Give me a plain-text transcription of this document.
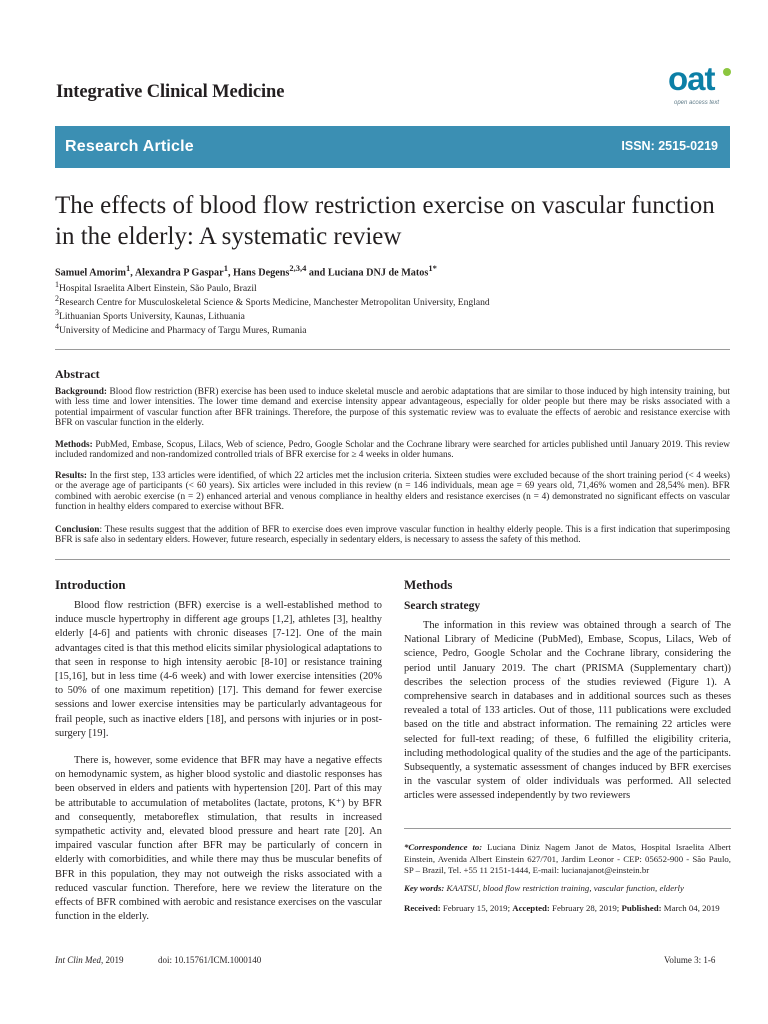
Integrative Clinical Medicine	oat
open access text
Research Article	ISSN: 2515-0219
The effects of blood flow restriction exercise on vascular function in the elderly: A systematic review
Samuel Amorim$^1$, Alexandra P Gaspar$^1$, Hans Degens$^{2,3,4}$ and Luciana DNJ de Matos$^{1*}$
$^1$Hospital Israelita Albert Einstein, São Paulo, Brazil
$^2$Research Centre for Musculoskeletal Science & Sports Medicine, Manchester Metropolitan University, England
$^3$Lithuanian Sports University, Kaunas, Lithuania
$^4$University of Medicine and Pharmacy of Targu Mures, Rumania
Abstract
Background: Blood flow restriction (BFR) exercise has been used to induce skeletal muscle and aerobic adaptations that are similar to those induced by high intensity training, but with less time and lower intensities. The lower time demand and exercise intensity appear advantageous, especially for older people but there may be risks associated with a potential impairment of vascular function after BFR trainings. Therefore, the purpose of this systematic review was to evaluate the effects of aerobic and resistance exercise with BFR on vascular function in the elderly.
Methods: PubMed, Embase, Scopus, Lilacs, Web of science, Pedro, Google Scholar and the Cochrane library were searched for articles published until January 2019. This review included randomized and non-randomized controlled trials of BFR exercise for ≥ 4 weeks in older humans.
Results: In the first step, 133 articles were identified, of which 22 articles met the inclusion criteria. Sixteen studies were excluded because of the short training period (< 4 weeks) or the average age of participants (< 60 years). Six articles were included in this review (n = 146 individuals, mean age = 69 years old, 71,46% women and 28,54% men). BFR combined with aerobic exercise (n = 2) enhanced arterial and venous compliance in healthy elders and resistance exercises (n = 4) demonstrated no significant effects on vascular function in healthy elders compared to exercise without BFR.
Conclusion: These results suggest that the addition of BFR to exercise does even improve vascular function in healthy elderly people. This is a first indication that superimposing BFR is safe also in sedentary elders. However, future research, especially in sedentary elders, is necessary to assess the safety of this method.
Introduction

Blood flow restriction (BFR) exercise is a well-established method to induce muscle hypertrophy in different age groups [1,2], athletes [3], healthy elderly [4-6] and patients with chronic diseases [7-12]. One of the main advantages cited is that this method elicits similar physiological adaptations to that seen in response to high intensity aerobic [8-10] or resistance training [15,16], but in less time (4-6 week) and with lower exercise intensities (20% to 50% of one maximum repetition) [17]. This demand for fewer exercise sessions and lower exercise intensities may be particularly advantageous for frail people, such as inactive elders [18], and persons with injuries or in post-surgery [19].

There is, however, some evidence that BFR may have a negative effects on hemodynamic system, as higher blood systolic and diastolic responses has been observed in elders and patients with hypertension [20]. Part of this may be attributable to accumulation of metabolites (lactate, protons, K⁺) by BFR and consequently, metaboreflex stimulation, that results in increased sympathetic activity and, elevated blood pressure and heart rate [20]. An impaired vascular function after BFR may be particularly of concern in elderly with comorbidities, and while there may thus be muscular benefits of BFR in this population, they may not outweigh the risks associated with a reduced vascular function. Therefore, here we review the literature on the effects of BFR combined with aerobic and resistance exercises on the vascular function in the elderly.

Methods
Search strategy

The information in this review was obtained through a search of The National Library of Medicine (PubMed), Embase, Scopus, Lilacs, Web of science, Pedro, Google Scholar and the Cochrane library, considering the period until January 2019. The chart (PRISMA (Supplementary chart)) describes the selection process of the studies reviewed (Figure 1). A comprehensive search in databases and in additional sources such as theses revealed a total of 133 articles. Out of those, 111 publications were excluded based on the title and abstract information. The remaining 22 articles were selected for full-text reading; of these, 6 fulfilled the eligibility criteria, including methodological quality of the studies and the age of the participants. Subsequently, a systematic assessment of changes induced by BFR exercises in the vascular system of older individuals was performed. All selected articles were assessed independently by two reviewers

*Correspondence to: Luciana Diniz Nagem Janot de Matos, Hospital Israelita Albert Einstein, Avenida Albert Einstein 627/701, Jardim Leonor - CEP: 05652-900 - São Paulo, SP – Brazil, Tel. +55 11 2151-1444, E-mail: lucianajanot@einstein.br
Key words: KAATSU, blood flow restriction training, vascular function, elderly
Received: February 15, 2019; Accepted: February 28, 2019; Published: March 04, 2019
Int Clin Med, 2019	doi: 10.15761/ICM.1000140	Volume 3: 1-6
